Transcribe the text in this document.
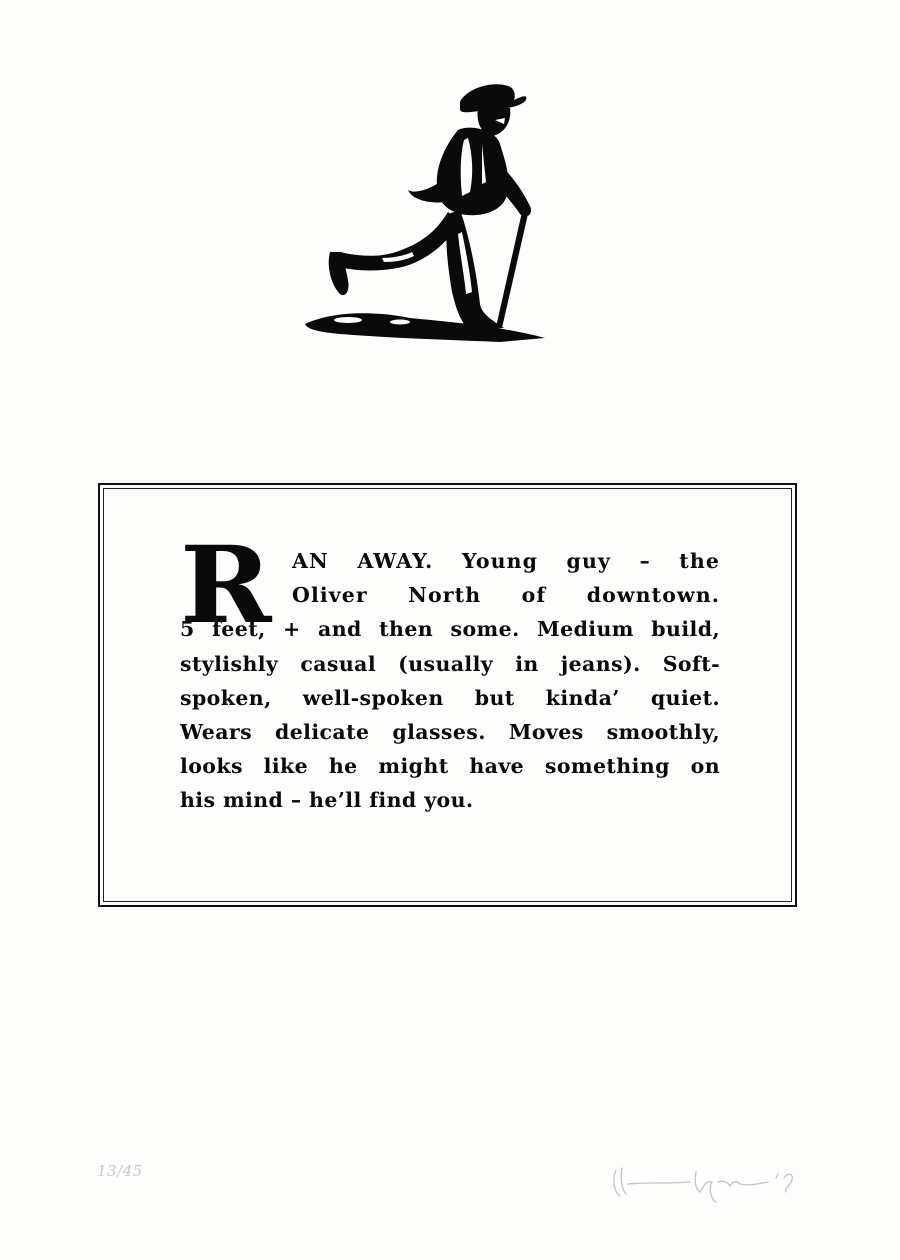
R AN AWAY. Young guy – the
Oliver North of downtown.
5 feet, + and then some. Medium build,
stylishly casual (usually in jeans). Soft-
spoken, well-spoken but kinda’ quiet.
Wears delicate glasses. Moves smoothly,
looks like he might have something on
his mind – he’ll find you.
13/45
